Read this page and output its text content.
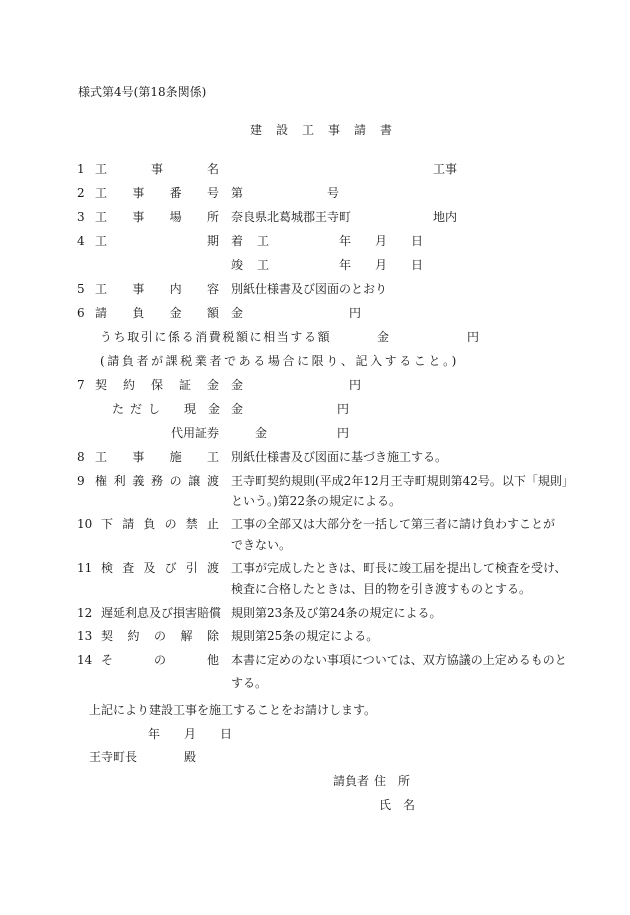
様式第4号(第18条関係)
建　設　工　事　請　書
1 工	事	名	工事
2 工 事 番 号 第	号
3 工 事 場 所 奈良県北葛城郡王寺町	地内
4 工	期 着 工	年 月 日
竣 工	年 月 日
5 工 事 内 容 別紙仕様書及び図面のとおり
6 請 負 金 額 金	円
うち取引に係る消費税額に相当する額	金	円
(請負者が課税業者である場合に限り、記入すること。)
7 契 約 保 証 金 金	円
ただし　現 金 金	円
代用証券	金	円
8 工 事 施 工 別紙仕様書及び図面に基づき施工する。
9 権 利 義 務 の 譲 渡 王寺町契約規則(平成2年12月王寺町規則第42号。以下「規則」
という。)第22条の規定による。
10 下 請 負 の 禁 止 工事の全部又は大部分を一括して第三者に請け負わすことが
できない。
11 検 査 及 び 引 渡 工事が完成したときは、町長に竣工届を提出して検査を受け、
検査に合格したときは、目的物を引き渡すものとする。
12 遅延利息及び損害賠償 規則第23条及び第24条の規定による。
13 契 約 の 解 除 規則第25条の規定による。
14 そ	の	他 本書に定めのない事項については、双方協議の上定めるものと
する。
上記により建設工事を施工することをお請けします。
年 月 日
王寺町長	殿
請負者 住　所
氏　名
